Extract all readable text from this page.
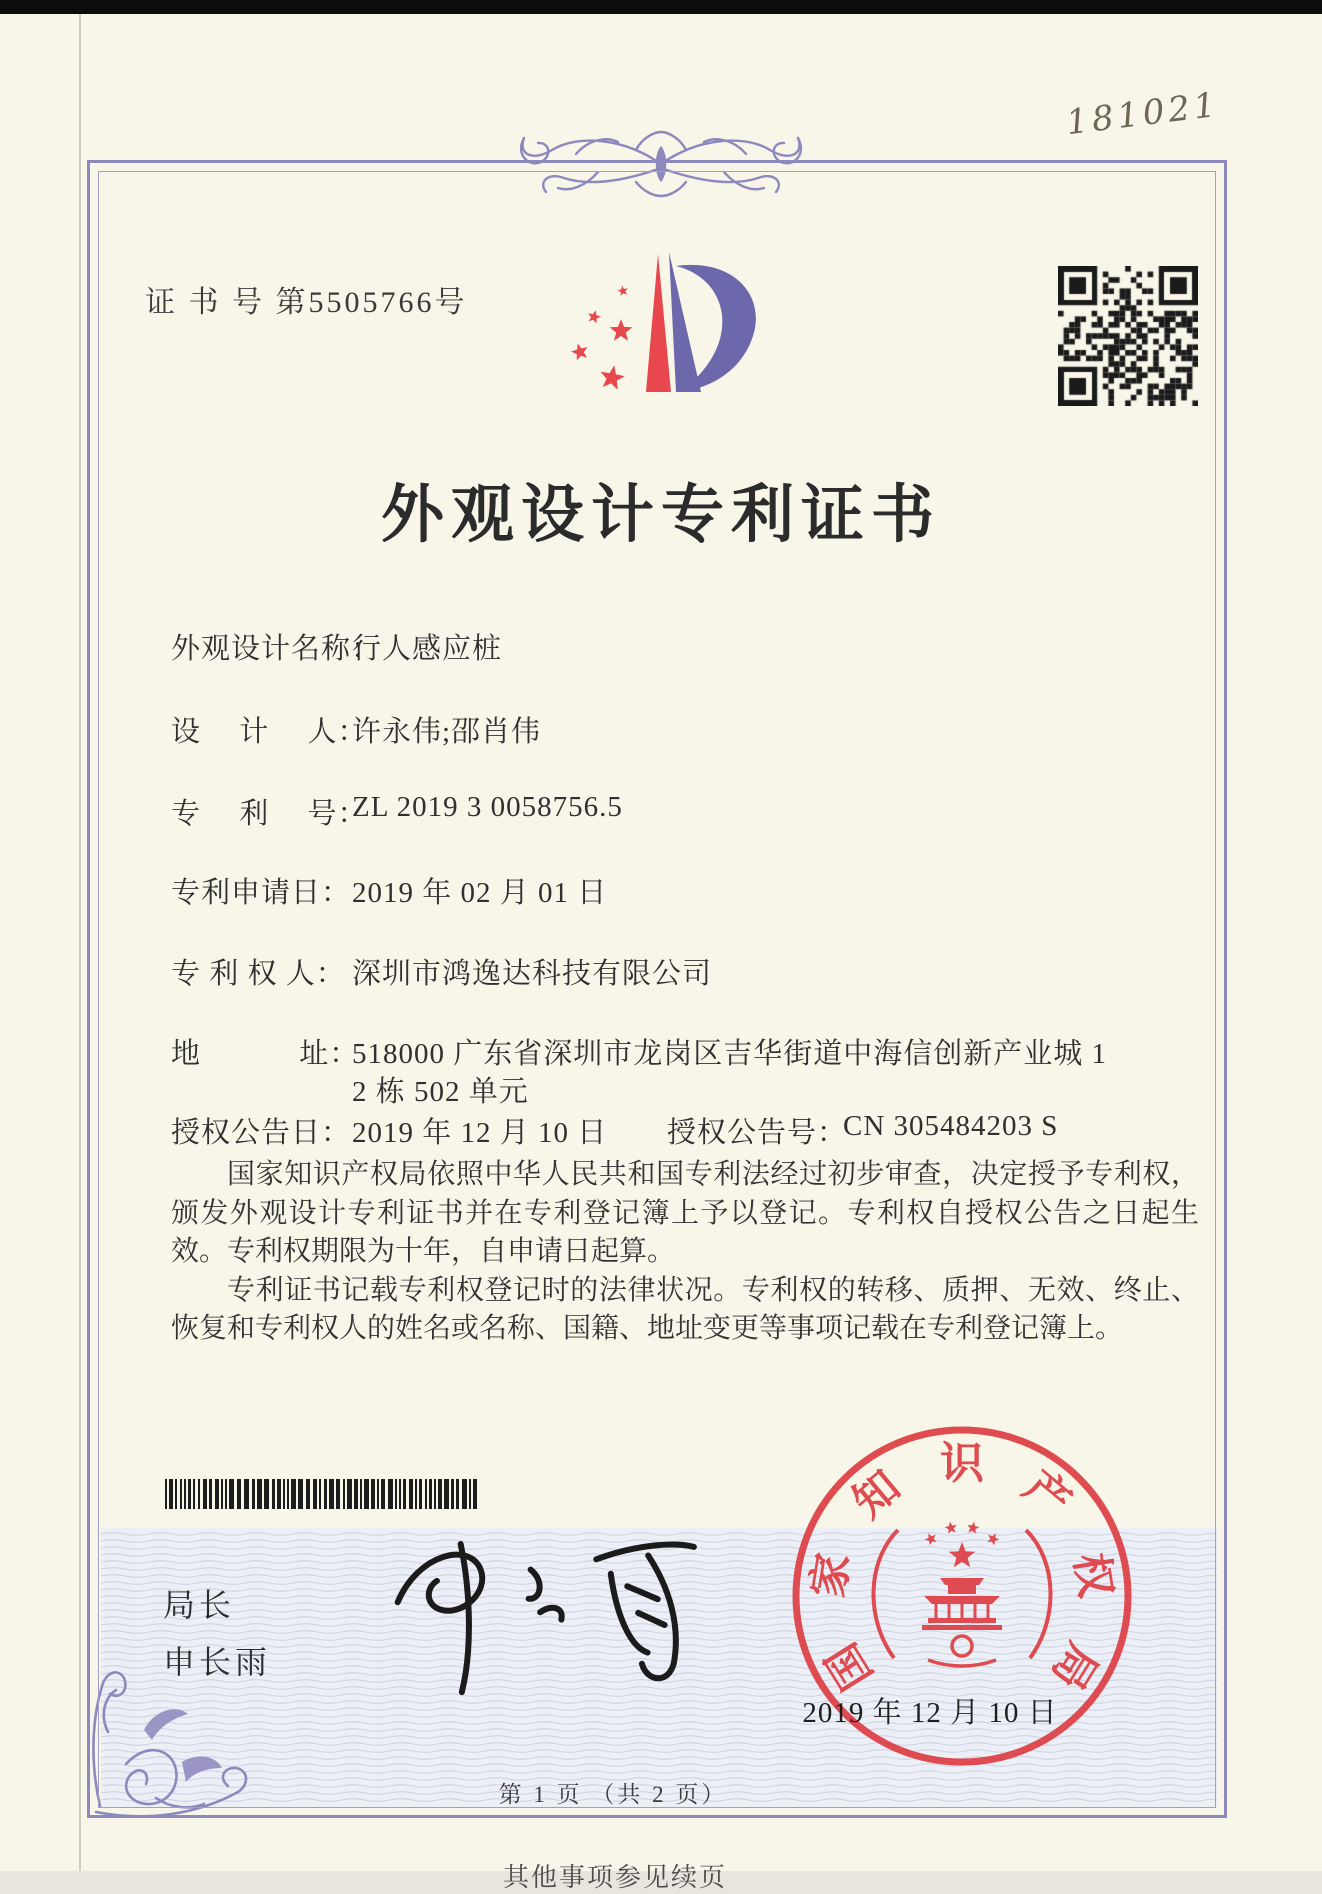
国
家
知 识 产
权
局
181021
证 书 号 第5505766号
外观设计专利证书
外观设计名称：
行人感应桩
设　 计　 人：
许永伟;邵肖伟
专　 利　 号：
ZL 2019 3 0058756.5
专利申请日： 2019 年 02 月 01 日
专 利 权 人： 深圳市鸿逸达科技有限公司
地　　　 址：
518000 广东省深圳市龙岗区吉华街道中海信创新产业城 1
2 栋 502 单元
授权公告日： 2019 年 12 月 10 日 授权公告号：
CN 305484203 S

国家知识产权局依照中华人民共和国专利法经过初步审查，决定授予专利权，颁发外观设计专利证书并在专利登记簿上予以登记。专利权自授权公告之日起生效。专利权期限为十年，自申请日起算。

专利证书记载专利权登记时的法律状况。专利权的转移、质押、无效、终止、恢复和专利权人的姓名或名称、国籍、地址变更等事项记载在专利登记簿上。

局长
申长雨
2019 年 12 月 10 日
第 1 页 （共 2 页）
其他事项参见续页
